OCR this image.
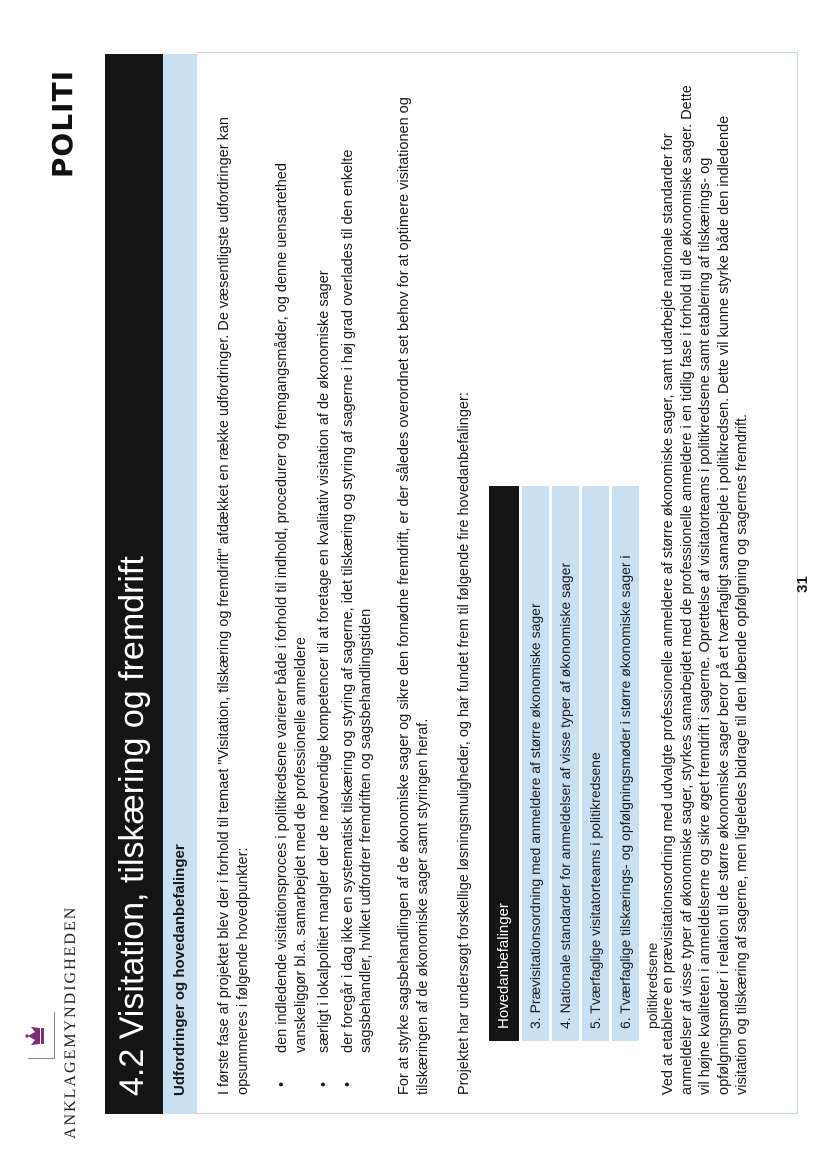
ANKLAGEMYNDIGHEDEN
POLITI
4.2 Visitation, tilskæring og fremdrift Udfordringer og hovedanbefalinger I første fase af projektet blev der i forhold til temaet "Visitation, tilskæring og fremdrift" afdækket en række udfordringer. De væsentligste udfordringer kan opsummeres i følgende hovedpunkter: • den indledende visitationsproces i politikredsene varierer både i forhold til indhold, procedurer og fremgangsmåder, og denne uensartethed vanskeliggør bl.a. samarbejdet med de professionelle anmeldere • særligt i lokalpolitiet mangler der de nødvendige kompetencer til at foretage en kvalitativ visitation af de økonomiske sager • der foregår i dag ikke en systematisk tilskæring og styring af sagerne, idet tilskæring og styring af sagerne i høj grad overlades til den enkelte sagsbehandler, hvilket udfordrer fremdriften og sagsbehandlingstiden For at styrke sagsbehandlingen af de økonomiske sager og sikre den fornødne fremdrift, er der således overordnet set behov for at optimere visitationen og tilskæringen af de økonomiske sager samt styringen heraf. Projektet har undersøgt forskellige løsningsmuligheder, og har fundet frem til følgende fire hovedanbefalinger:	Hovedanbefalinger	3. Prævisitationsordning med anmeldere af større økonomiske sager	4. Nationale standarder for anmeldelser af visse typer af økonomiske sager	5. Tværfaglige visitatorteams i politikredsene	6. Tværfaglige tilskærings- og opfølgningsmøder i større økonomiske sager i politikredsene Ved at etablere en prævisitationsordning med udvalgte professionelle anmeldere af større økonomiske sager, samt udarbejde nationale standarder for anmeldelser af visse typer af økonomiske sager, styrkes samarbejdet med de professionelle anmeldere i en tidlig fase i forhold til de økonomiske sager. Dette vil højne kvaliteten i anmeldelserne og sikre øget fremdrift i sagerne. Oprettelse af visitatorteams i politikredsene samt etablering af tilskærings- og opfølgningsmøder i relation til de større økonomiske sager beror på et tværfagligt samarbejde i politikredsen. Dette vil kunne styrke både den indledende visitation og tilskæring af sagerne, men ligeledes bidrage til den løbende opfølgning og sagernes fremdrift.	31
